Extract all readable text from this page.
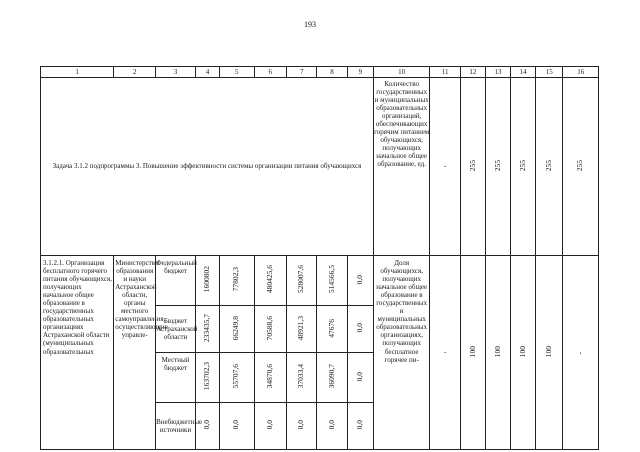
193
1	2	3	4	5	6	7	8	9	10	11	12	13	14	15	16
Задача 3.1.2 подпрограммы 3. Повышение эффективности системы организации питания обучающихся									Количество государственных и муниципальных образовательных организаций, обеспечивающих горячим питанием обучающихся, получающих начальное общее образование, ед.	-	255	255	255	255	255
3.1.2.1. Организация бесплатного горячего питания обучающихся, получающих начальное общее образование в государственных образовательных организациях Астраханской области (муниципальных образовательных	Министерство образования и науки Астраханской области, органы местного самоуправления, осуществляющие управле-	Федеральный бюджет	1600802	77802,3	480425,6	528007,6	514566,5	0,0	Доля обучающихся, получающих начальное общее образование в государственных и муниципальных образовательных организациях, получающих бесплатное горячее пи-	-	100	100	100	100	-
		Бюджет Астраханской области	233435,7	66249,8	70588,6	48921,3	47676	0,0							
		Местный бюджет	163702,3	55707,6	34870,6	37033,4	36090,7	0,0							
		Внебюджетные источники	0,0	0,0	0,0	0,0	0,0	0,0							
